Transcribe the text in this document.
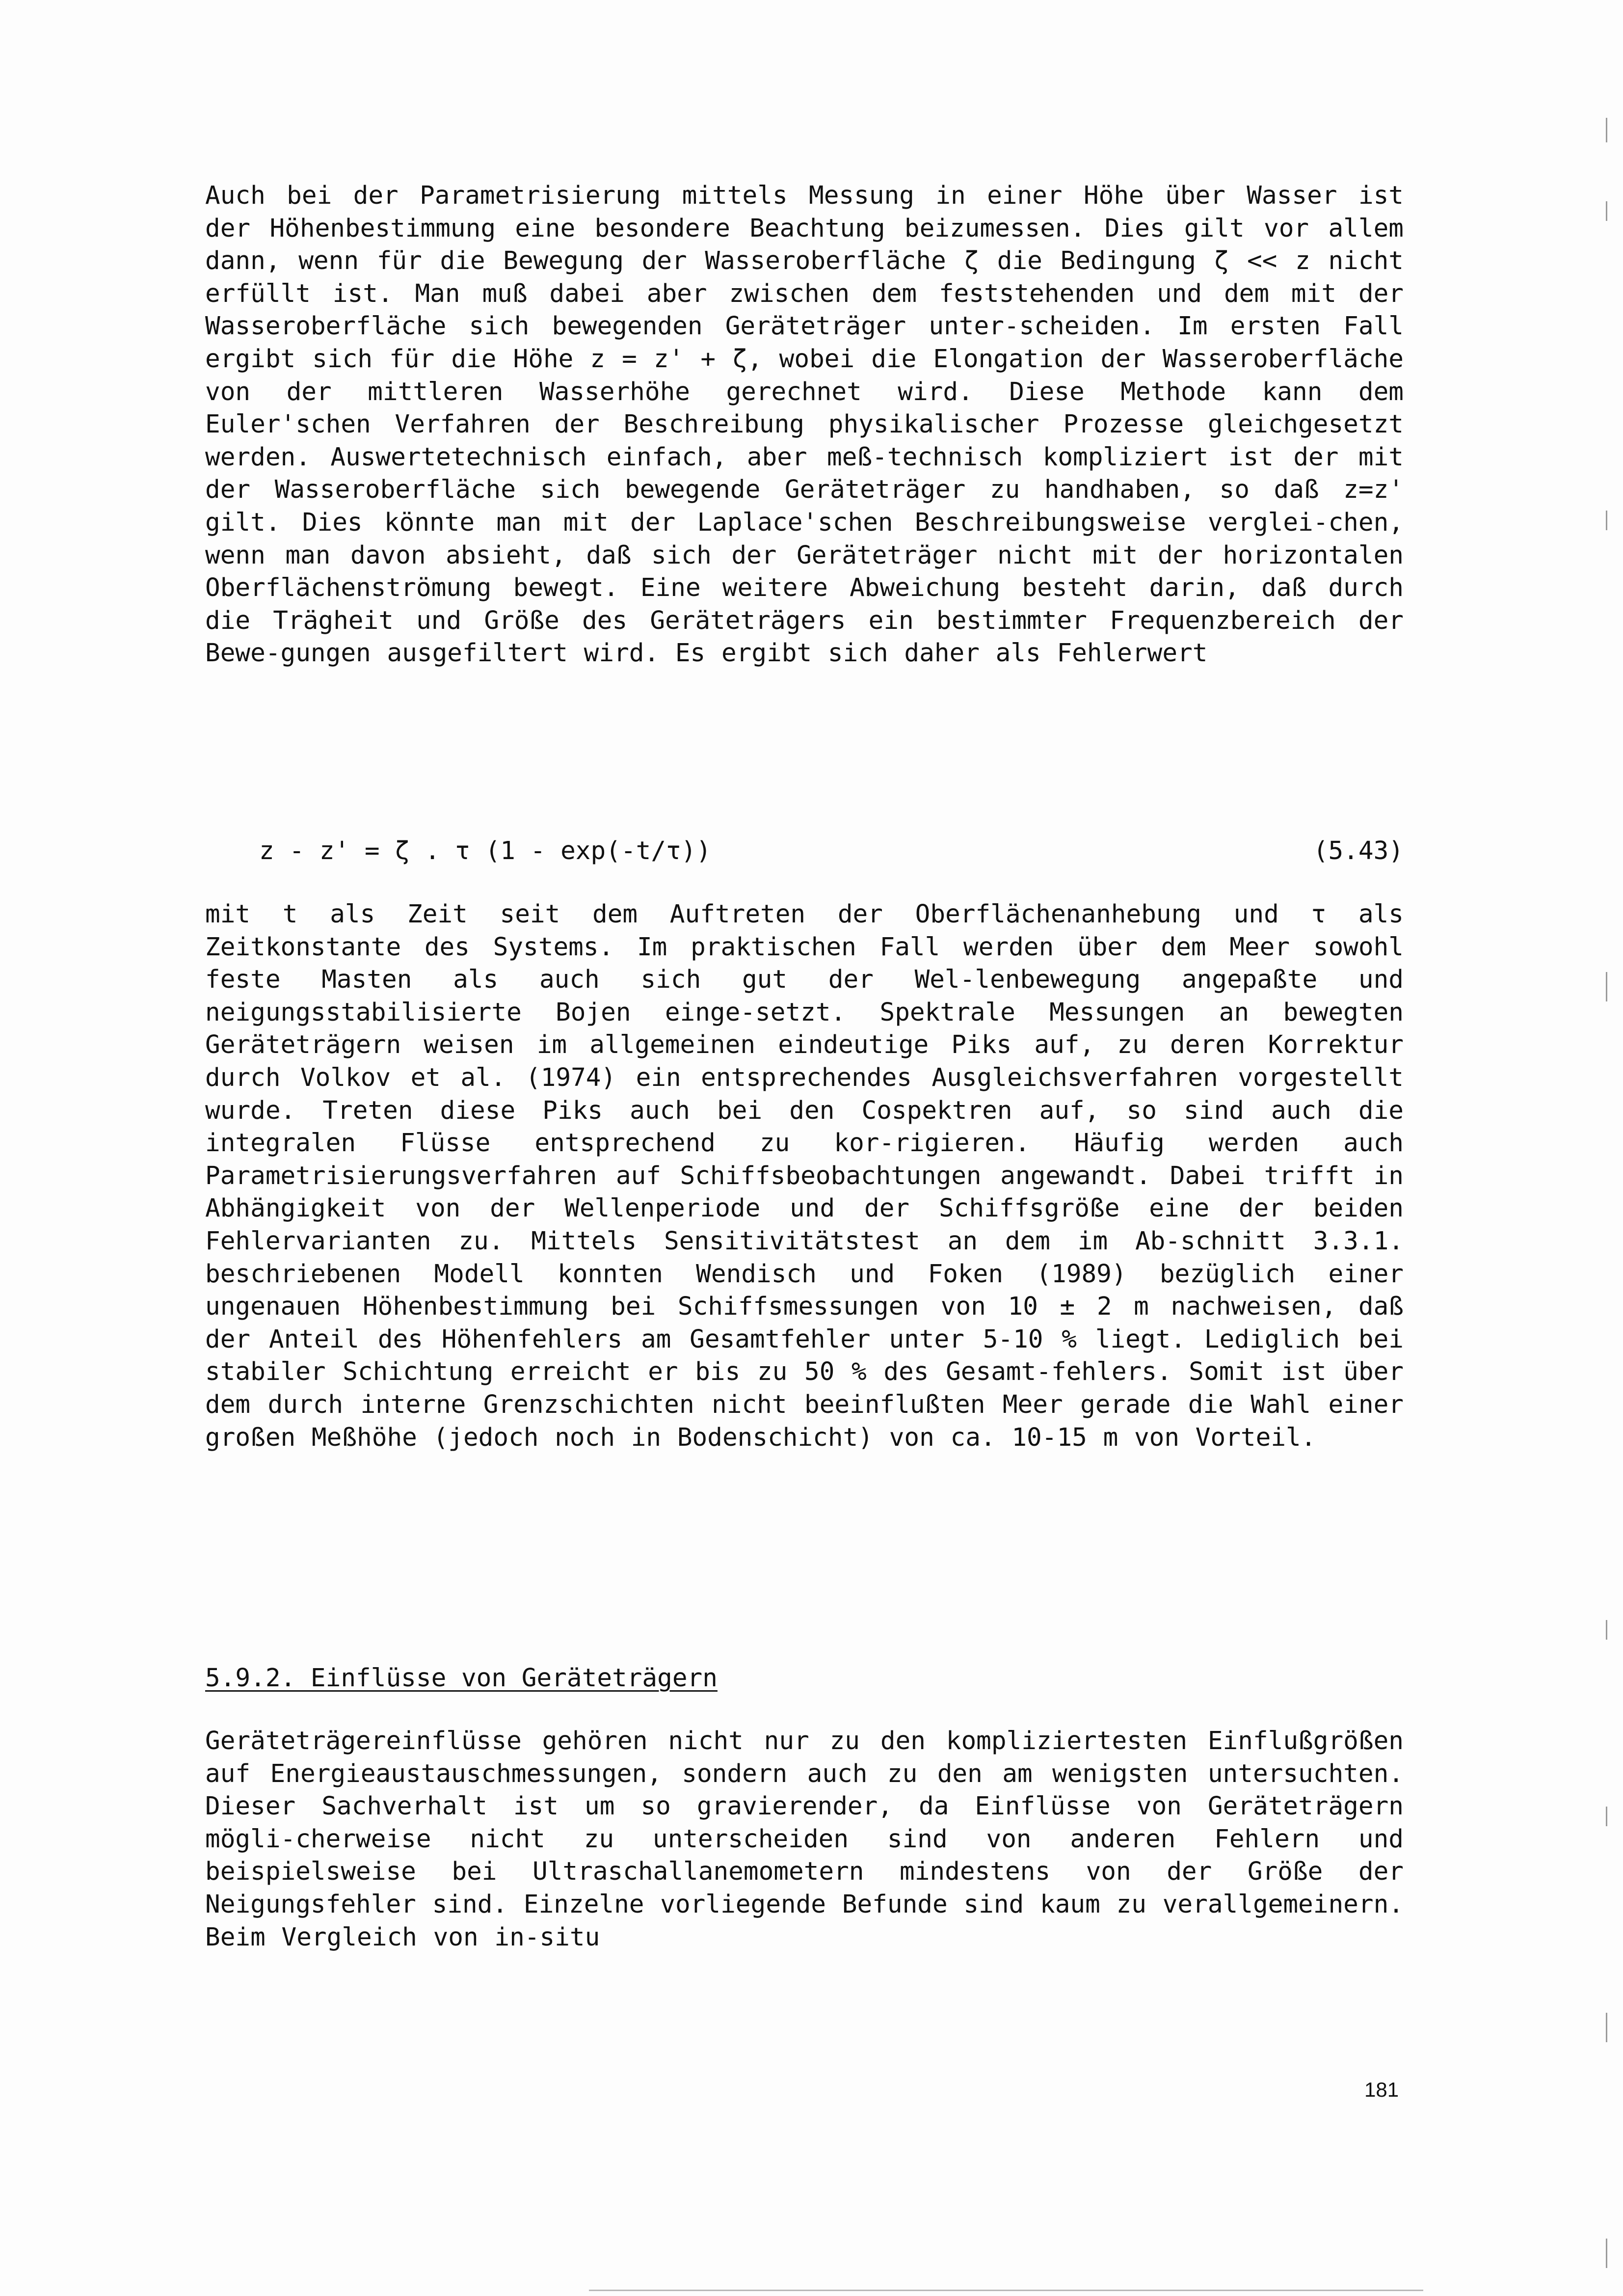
Auch bei der Parametrisierung mittels Messung in einer Höhe über Wasser ist der Höhenbestimmung eine besondere Beachtung beizumessen. Dies gilt vor allem dann, wenn für die Bewegung der Wasseroberfläche ζ die Bedingung ζ << z nicht erfüllt ist. Man muß dabei aber zwischen dem feststehenden und dem mit der Wasseroberfläche sich bewegenden Geräteträger unter-scheiden. Im ersten Fall ergibt sich für die Höhe z = z' + ζ, wobei die Elongation der Wasseroberfläche von der mittleren Wasserhöhe gerechnet wird. Diese Methode kann dem Euler'schen Verfahren der Beschreibung physikalischer Prozesse gleichgesetzt werden. Auswertetechnisch einfach, aber meß-technisch kompliziert ist der mit der Wasseroberfläche sich bewegende Geräteträger zu handhaben, so daß z=z' gilt. Dies könnte man mit der Laplace'schen Beschreibungsweise verglei-chen, wenn man davon absieht, daß sich der Geräteträger nicht mit der horizontalen Oberflächenströmung bewegt. Eine weitere Abweichung besteht darin, daß durch die Trägheit und Größe des Geräteträgers ein bestimmter Frequenzbereich der Bewe-gungen ausgefiltert wird. Es ergibt sich daher als Fehlerwert
z - z' = ζ . τ (1 - exp(-t/τ))	(5.43)
mit t als Zeit seit dem Auftreten der Oberflächenanhebung und τ als Zeitkonstante des Systems. Im praktischen Fall werden über dem Meer sowohl feste Masten als auch sich gut der Wel-lenbewegung angepaßte und neigungsstabilisierte Bojen einge-setzt. Spektrale Messungen an bewegten Geräteträgern weisen im allgemeinen eindeutige Piks auf, zu deren Korrektur durch Volkov et al. (1974) ein entsprechendes Ausgleichsverfahren vorgestellt wurde. Treten diese Piks auch bei den Cospektren auf, so sind auch die integralen Flüsse entsprechend zu kor-rigieren. Häufig werden auch Parametrisierungsverfahren auf Schiffsbeobachtungen angewandt. Dabei trifft in Abhängigkeit von der Wellenperiode und der Schiffsgröße eine der beiden Fehlervarianten zu. Mittels Sensitivitätstest an dem im Ab-schnitt 3.3.1. beschriebenen Modell konnten Wendisch und Foken (1989) bezüglich einer ungenauen Höhenbestimmung bei Schiffsmessungen von 10 ± 2 m nachweisen, daß der Anteil des Höhenfehlers am Gesamtfehler unter 5-10 % liegt. Lediglich bei stabiler Schichtung erreicht er bis zu 50 % des Gesamt-fehlers. Somit ist über dem durch interne Grenzschichten nicht beeinflußten Meer gerade die Wahl einer großen Meßhöhe (jedoch noch in Bodenschicht) von ca. 10-15 m von Vorteil.
5.9.2. Einflüsse von Geräteträgern
Geräteträgereinflüsse gehören nicht nur zu den kompliziertesten Einflußgrößen auf Energieaustauschmessungen, sondern auch zu den am wenigsten untersuchten. Dieser Sachverhalt ist um so gravierender, da Einflüsse von Geräteträgern mögli-cherweise nicht zu unterscheiden sind von anderen Fehlern und beispielsweise bei Ultraschallanemometern mindestens von der Größe der Neigungsfehler sind. Einzelne vorliegende Befunde sind kaum zu verallgemeinern. Beim Vergleich von in-situ
181
